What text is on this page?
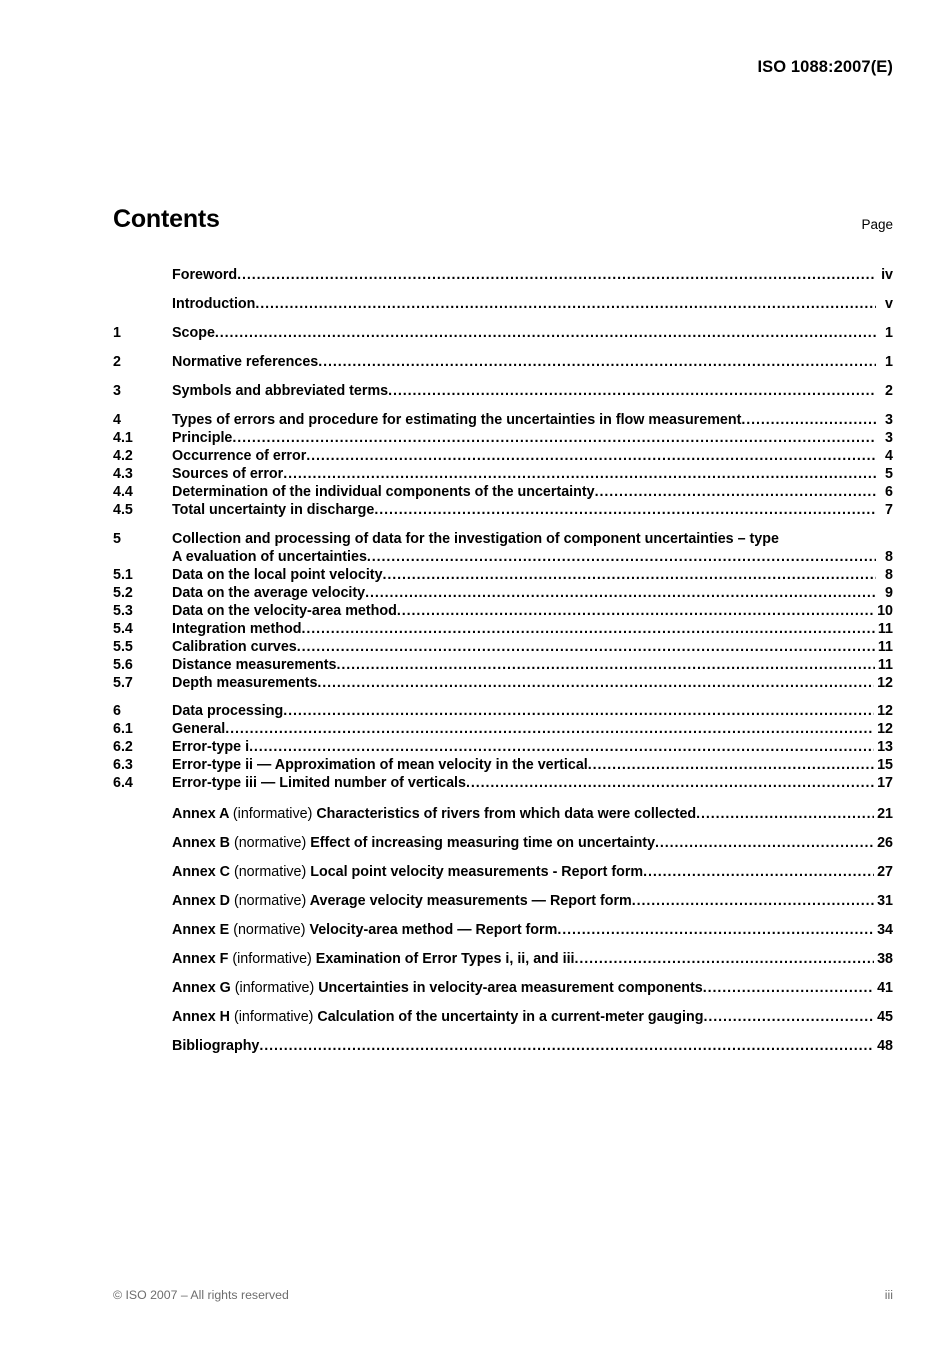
ISO 1088:2007(E)
Contents	Page
Foreword .....	iv
Introduction .....	v
1	Scope .....	1
2	Normative references .....	1
3	Symbols and abbreviated terms .....	2
4	Types of errors and procedure for estimating the uncertainties in flow measurement .....	3
4.1	Principle .....	3
4.2	Occurrence of error .....	4
4.3	Sources of error .....	5
4.4	Determination of the individual components of the uncertainty .....	6
4.5	Total uncertainty in discharge .....	7
5	Collection and processing of data for the investigation of component uncertainties – type
A evaluation of uncertainties .....	8
5.1	Data on the local point velocity .....	8
5.2	Data on the average velocity .....	9
5.3	Data on the velocity-area method .....	10
5.4	Integration method .....	11
5.5	Calibration curves .....	11
5.6	Distance measurements .....	11
5.7	Depth measurements .....	12
6	Data processing .....	12
6.1	General .....	12
6.2	Error-type i .....	13
6.3	Error-type ii — Approximation of mean velocity in the vertical .....	15
6.4	Error-type iii — Limited number of verticals .....	17
Annex A (informative) Characteristics of rivers from which data were collected .....	21
Annex B (normative) Effect of increasing measuring time on uncertainty .....	26
Annex C (normative) Local point velocity measurements - Report form .....	27
Annex D (normative) Average velocity measurements — Report form .....	31
Annex E (normative) Velocity-area method — Report form .....	34
Annex F (informative) Examination of Error Types i, ii, and iii .....	38
Annex G (informative) Uncertainties in velocity-area measurement components .....	41
Annex H (informative) Calculation of the uncertainty in a current-meter gauging .....	45
Bibliography .....	48
© ISO 2007 – All rights reserved	iii
